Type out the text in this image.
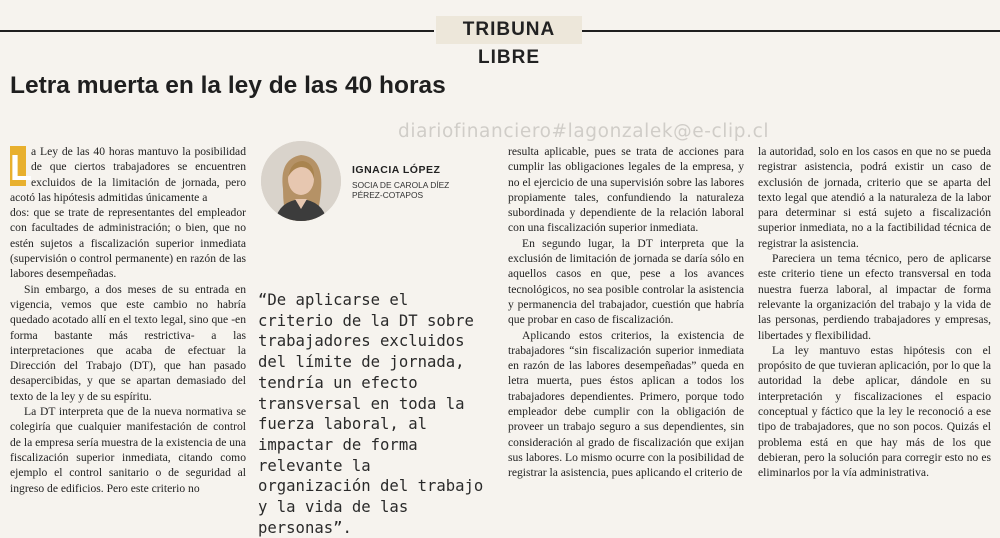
TRIBUNA LIBRE
Letra muerta en la ley de las 40 horas
diariofinanciero#lagonzalek@e-clip.cl

L a Ley de las 40 horas mantuvo la posibilidad de que ciertos trabajadores se encuentren excluidos de la limitación de jornada, pero acotó las hipótesis admitidas únicamente a

dos: que se trate de representantes del empleador con facultades de administración; o bien, que no estén sujetos a fiscalización superior inmediata (supervisión o control permanente) en razón de las labores desempeñadas.

Sin embargo, a dos meses de su entrada en vigencia, vemos que este cambio no habría quedado acotado allí en el texto legal, sino que -en forma bastante más restrictiva- a las interpretaciones que acaba de efectuar la Dirección del Trabajo (DT), que han pasado desapercibidas, y que se apartan demasiado del texto de la ley y de su espíritu.

La DT interpreta que de la nueva normativa se colegiría que cualquier manifestación de control de la empresa sería muestra de la existencia de una fiscalización superior inmediata, citando como ejemplo el control sanitario o de seguridad al ingreso de edificios. Pero este criterio no

IGNACIA LÓPEZ
SOCIA DE CAROLA DÍEZ
PÉREZ-COTAPOS

“De aplicarse el criterio de la DT sobre trabajadores excluidos del límite de jornada, tendría un efecto transversal en toda la fuerza laboral, al impactar de forma relevante la organización del trabajo y la vida de las personas”.

resulta aplicable, pues se trata de acciones para cumplir las obligaciones legales de la empresa, y no el ejercicio de una supervisión sobre las labores propiamente tales, confundiendo la naturaleza subordinada y dependiente de la relación laboral con una fiscalización superior inmediata.

En segundo lugar, la DT interpreta que la exclusión de limitación de jornada se daría sólo en aquellos casos en que, pese a los avances tecnológicos, no sea posible controlar la asistencia y permanencia del trabajador, cuestión que habría que probar en caso de fiscalización.

Aplicando estos criterios, la existencia de trabajadores “sin fiscalización superior inmediata en razón de las labores desempeñadas” queda en letra muerta, pues éstos aplican a todos los trabajadores dependientes. Primero, porque todo empleador debe cumplir con la obligación de proveer un trabajo seguro a sus dependientes, sin consideración al grado de fiscalización que exijan sus labores. Lo mismo ocurre con la posibilidad de registrar la asistencia, pues aplicando el criterio de

la autoridad, solo en los casos en que no se pueda registrar asistencia, podrá existir un caso de exclusión de jornada, criterio que se aparta del texto legal que atendió a la naturaleza de la labor para determinar si está sujeto a fiscalización superior inmediata, no a la factibilidad técnica de registrar la asistencia.

Pareciera un tema técnico, pero de aplicarse este criterio tiene un efecto transversal en toda nuestra fuerza laboral, al impactar de forma relevante la organización del trabajo y la vida de las personas, perdiendo trabajadores y empresas, libertades y flexibilidad.

La ley mantuvo estas hipótesis con el propósito de que tuvieran aplicación, por lo que la autoridad la debe aplicar, dándole en su interpretación y fiscalizaciones el espacio conceptual y fáctico que la ley le reconoció a ese tipo de trabajadores, que no son pocos. Quizás el problema está en que hay más de los que debieran, pero la solución para corregir esto no es eliminarlos por la vía administrativa.
